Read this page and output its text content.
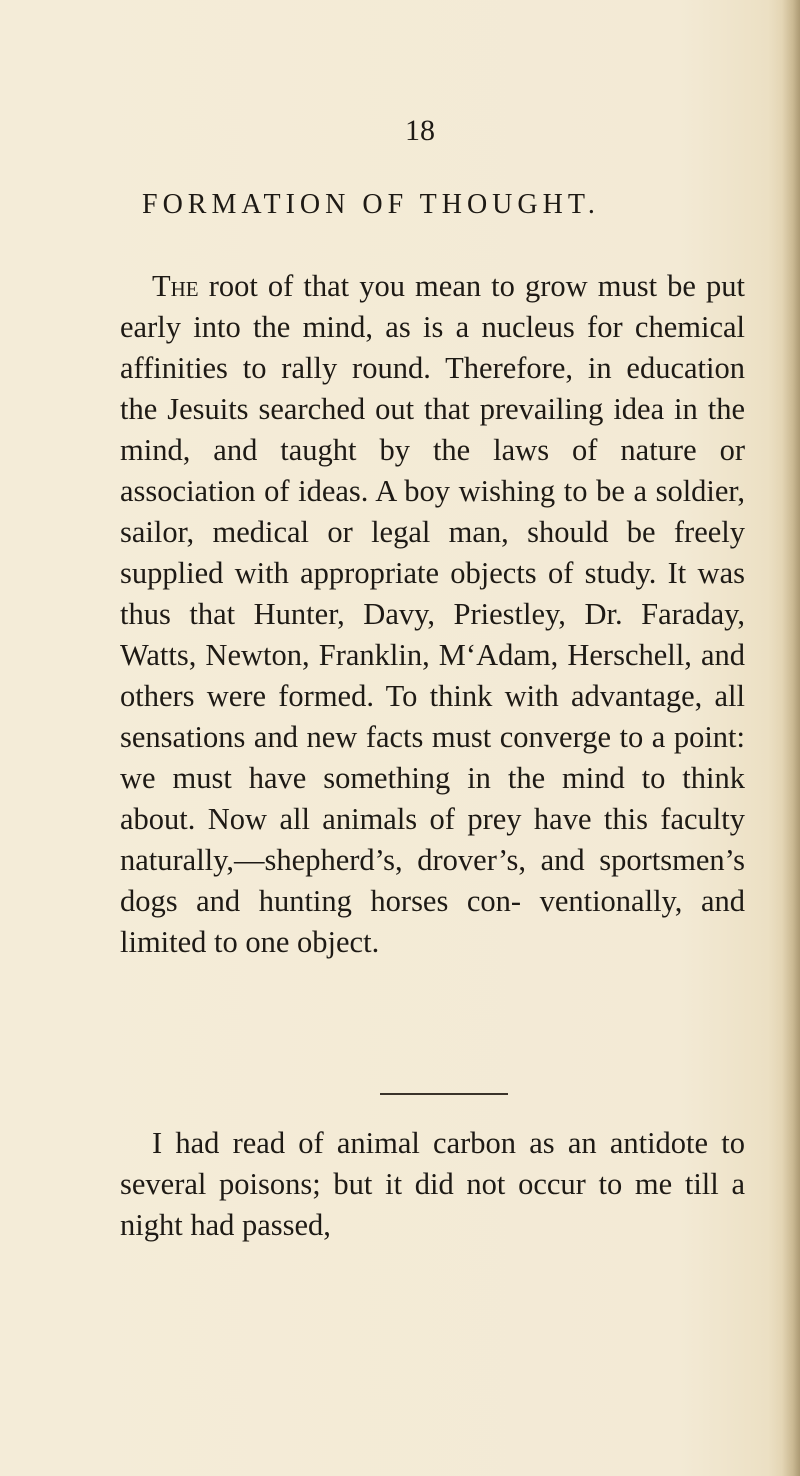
18
FORMATION OF THOUGHT.

The root of that you mean to grow must be put early into the mind, as is a nucleus for chemical affinities to rally round. Therefore, in education the Jesuits searched out that prevailing idea in the mind, and taught by the laws of nature or association of ideas. A boy wishing to be a soldier, sailor, medical or legal man, should be freely supplied with appropriate objects of study. It was thus that Hunter, Davy, Priestley, Dr. Faraday, Watts, Newton, Franklin, M‘Adam, Herschell, and others were formed. To think with advantage, all sensations and new facts must converge to a point: we must have something in the mind to think about. Now all animals of prey have this faculty naturally,—shepherd’s, drover’s, and sportsmen’s dogs and hunting horses con- ventionally, and limited to one object.

I had read of animal carbon as an antidote to several poisons; but it did not occur to me till a night had passed,
